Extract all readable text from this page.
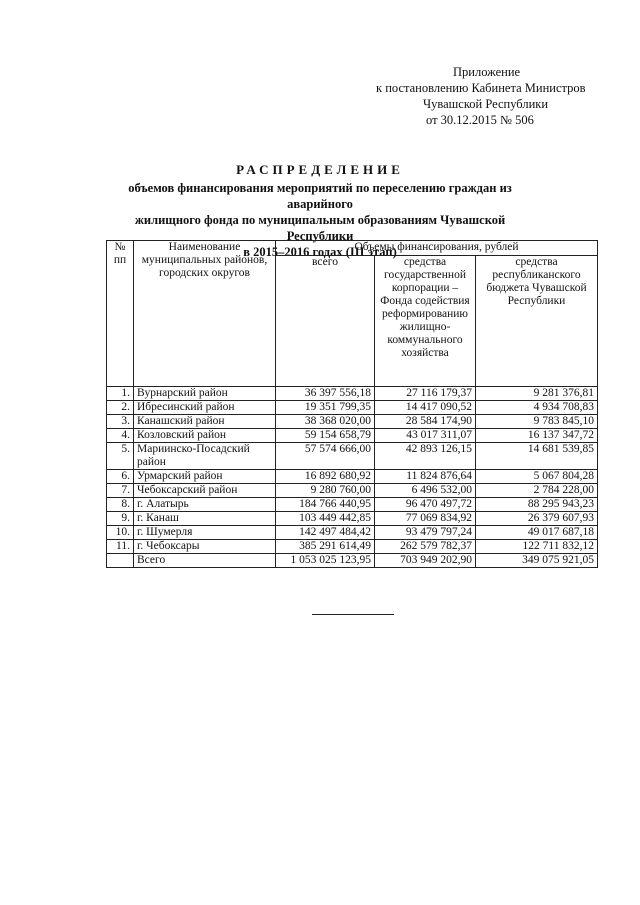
Приложение
к постановлению Кабинета Министров
Чувашской Республики
от 30.12.2015 № 506
РАСПРЕДЕЛЕНИЕ
объемов финансирования мероприятий по переселению граждан из аварийного
жилищного фонда по муниципальным образованиям Чувашской Республики
в 2015–2016 годах (III этап)
№ пп	Наименование муниципальных районов, городских округов	Объемы финансирования, рублей		
		всего	средства государственной корпорации – Фонда содействия реформированию жилищно-коммунального хозяйства	средства республиканского бюджета Чувашской Республики
1.	Вурнарский район	36 397 556,18	27 116 179,37	9 281 376,81
2.	Ибресинский район	19 351 799,35	14 417 090,52	4 934 708,83
3.	Канашский район	38 368 020,00	28 584 174,90	9 783 845,10
4.	Козловский район	59 154 658,79	43 017 311,07	16 137 347,72
5.	Мариинско-Посадский район	57 574 666,00	42 893 126,15	14 681 539,85
6.	Урмарский район	16 892 680,92	11 824 876,64	5 067 804,28
7.	Чебоксарский район	9 280 760,00	6 496 532,00	2 784 228,00
8.	г. Алатырь	184 766 440,95	96 470 497,72	88 295 943,23
9.	г. Канаш	103 449 442,85	77 069 834,92	26 379 607,93
10.	г. Шумерля	142 497 484,42	93 479 797,24	49 017 687,18
11.	г. Чебоксары	385 291 614,49	262 579 782,37	122 711 832,12
	Всего	1 053 025 123,95	703 949 202,90	349 075 921,05
